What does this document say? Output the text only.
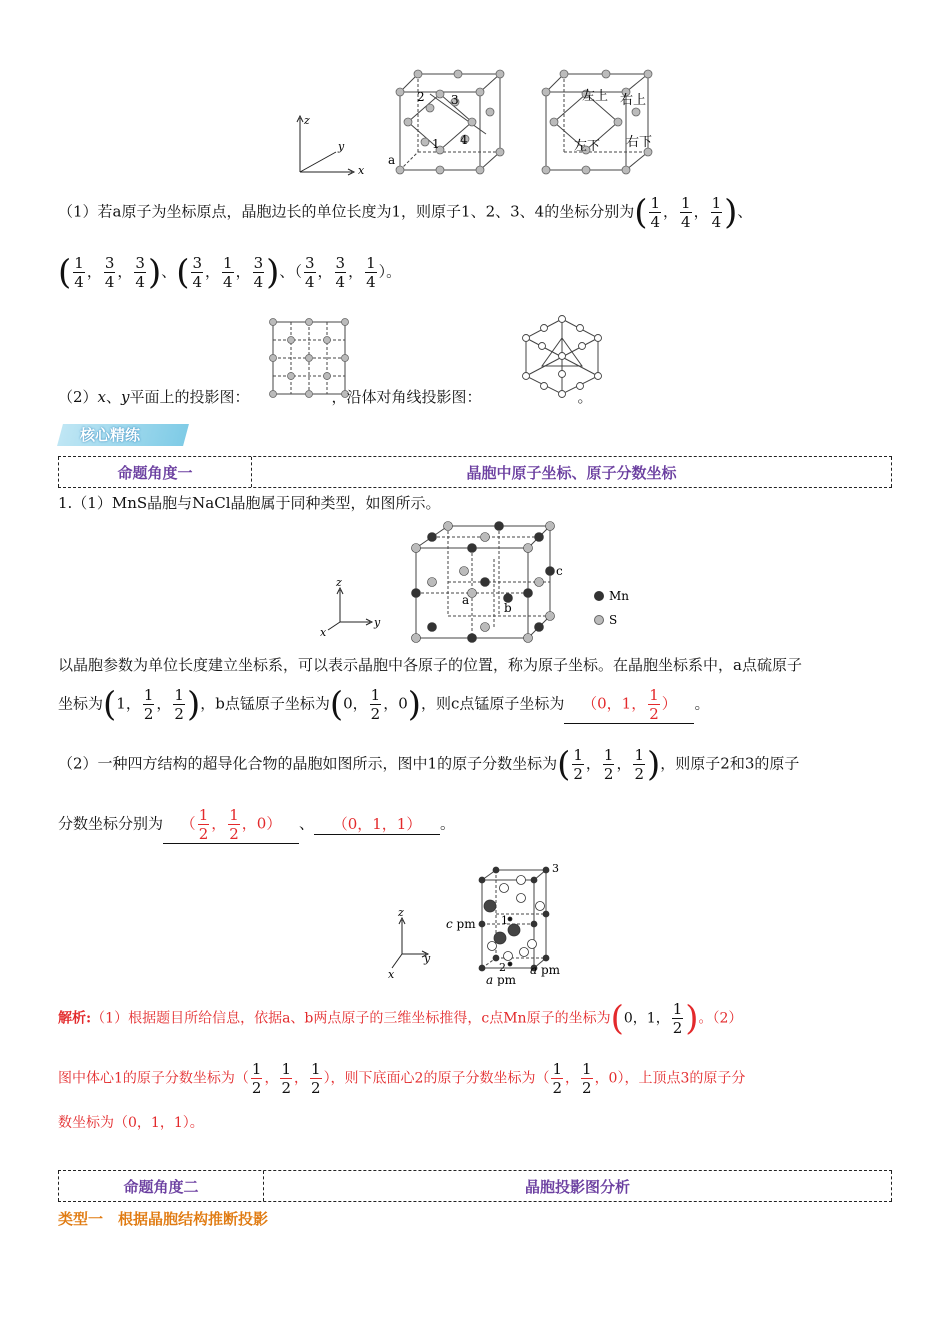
z
y
x
a
1
2 3
4
左上 右上
左下 右下
（1）若a原子为坐标原点，晶胞边长的单位长度为1，则原子1、2、3、4的坐标分别为( $\frac{1}{4}$ ， $\frac{1}{4}$ ， $\frac{1}{4}$ )、
( $\frac{1}{4}$ ， $\frac{3}{4}$ ， $\frac{3}{4}$ )、( $\frac{3}{4}$ ， $\frac{1}{4}$ ， $\frac{3}{4}$ )、（ $\frac{3}{4}$ ， $\frac{3}{4}$ ， $\frac{1}{4}$ ）。
（2）x、y平面上的投影图：	，沿体对角线投影图：	。
核心精练
命题角度一	晶胞中原子坐标、原子分数坐标
1.（1）MnS晶胞与NaCl晶胞属于同种类型，如图所示。
z
y
x
a
b
c
Mn
S
以晶胞参数为单位长度建立坐标系，可以表示晶胞中各原子的位置，称为原子坐标。在晶胞坐标系中，a点硫原子
坐标为(1， $\frac{1}{2}$ ， $\frac{1}{2}$ )，b点锰原子坐标为(0， $\frac{1}{2}$ ，0)，则c点锰原子坐标为 （0，1， $\frac{1}{2}$ ） 。
（2）一种四方结构的超导化合物的晶胞如图所示，图中1的原子分数坐标为( $\frac{1}{2}$ ， $\frac{1}{2}$ ， $\frac{1}{2}$ )，则原子2和3的原子
分数坐标分别为 （ $\frac{1}{2}$ ， $\frac{1}{2}$ ，0） 、 （0，1，1） 。
z
y
x
c pm 1
2
3
a pm
a pm
解析:（1）根据题目所给信息，依据a、b两点原子的三维坐标推得，c点Mn原子的坐标为(0，1， $\frac{1}{2}$ )。（2）
图中体心1的原子分数坐标为（ $\frac{1}{2}$ ， $\frac{1}{2}$ ， $\frac{1}{2}$ ），则下底面心2的原子分数坐标为（ $\frac{1}{2}$ ， $\frac{1}{2}$ ，0），上顶点3的原子分
数坐标为（0，1，1）。
命题角度二	晶胞投影图分析
类型一　根据晶胞结构推断投影
